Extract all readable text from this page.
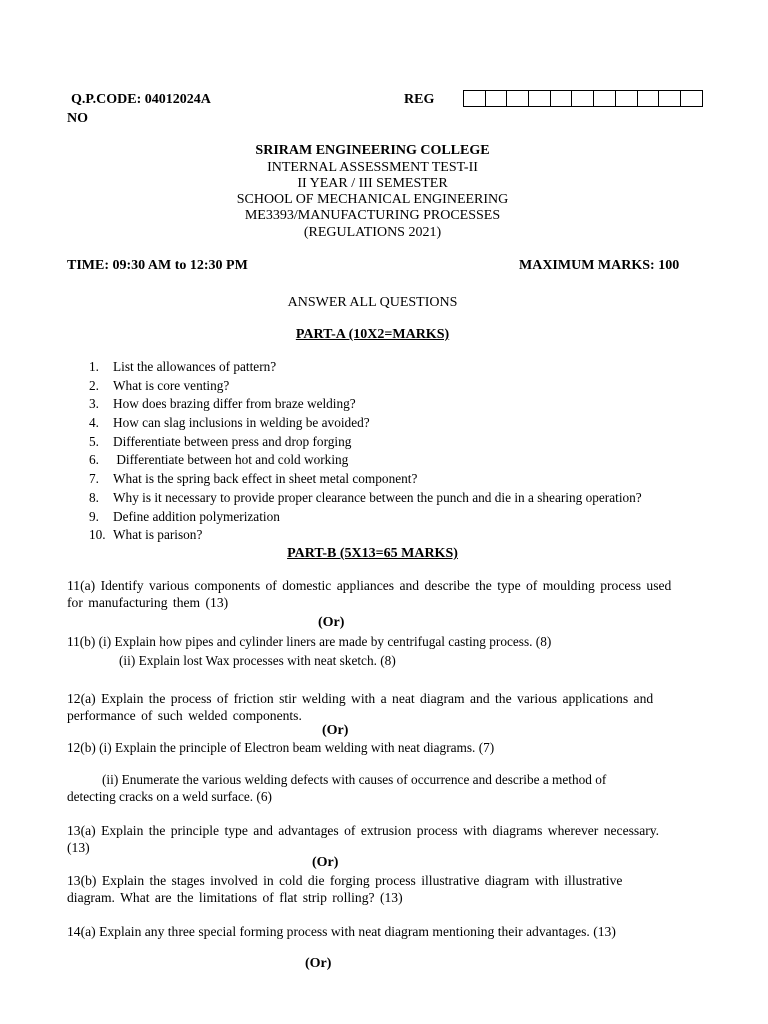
Q.P.CODE: 04012024A	REG
NO
SRIRAM ENGINEERING COLLEGE
INTERNAL ASSESSMENT TEST-II
II YEAR / III SEMESTER
SCHOOL OF MECHANICAL ENGINEERING
ME3393/MANUFACTURING PROCESSES
(REGULATIONS 2021)
TIME: 09:30 AM to 12:30 PM	MAXIMUM MARKS: 100
ANSWER ALL QUESTIONS
PART-A (10X2=MARKS)
1.	List the allowances of pattern?
2.	What is core venting?
3.	How does brazing differ from braze welding?
4.	How can slag inclusions in welding be avoided?
5.	Differentiate between press and drop forging
6.	Differentiate between hot and cold working
7.	What is the spring back effect in sheet metal component?
8.	Why is it necessary to provide proper clearance between the punch and die in a shearing operation?
9.	Define addition polymerization
10. What is parison?
PART-B (5X13=65 MARKS)
11(a) Identify various components of domestic appliances and describe the type of moulding process used for manufacturing them (13)
(Or)
11(b) (i) Explain how pipes and cylinder liners are made by centrifugal casting process. (8)
(ii) Explain lost Wax processes with neat sketch. (8)
12(a) Explain the process of friction stir welding with a neat diagram and the various applications and performance of such welded components.
(Or)
12(b) (i) Explain the principle of Electron beam welding with neat diagrams. (7)
(ii) Enumerate the various welding defects with causes of occurrence and describe a method of
detecting cracks on a weld surface. (6)
13(a) Explain the principle type and advantages of extrusion process with diagrams wherever necessary. (13)
(Or)
13(b) Explain the stages involved in cold die forging process illustrative diagram with illustrative diagram. What are the limitations of flat strip rolling? (13)
14(a) Explain any three special forming process with neat diagram mentioning their advantages. (13)
(Or)
